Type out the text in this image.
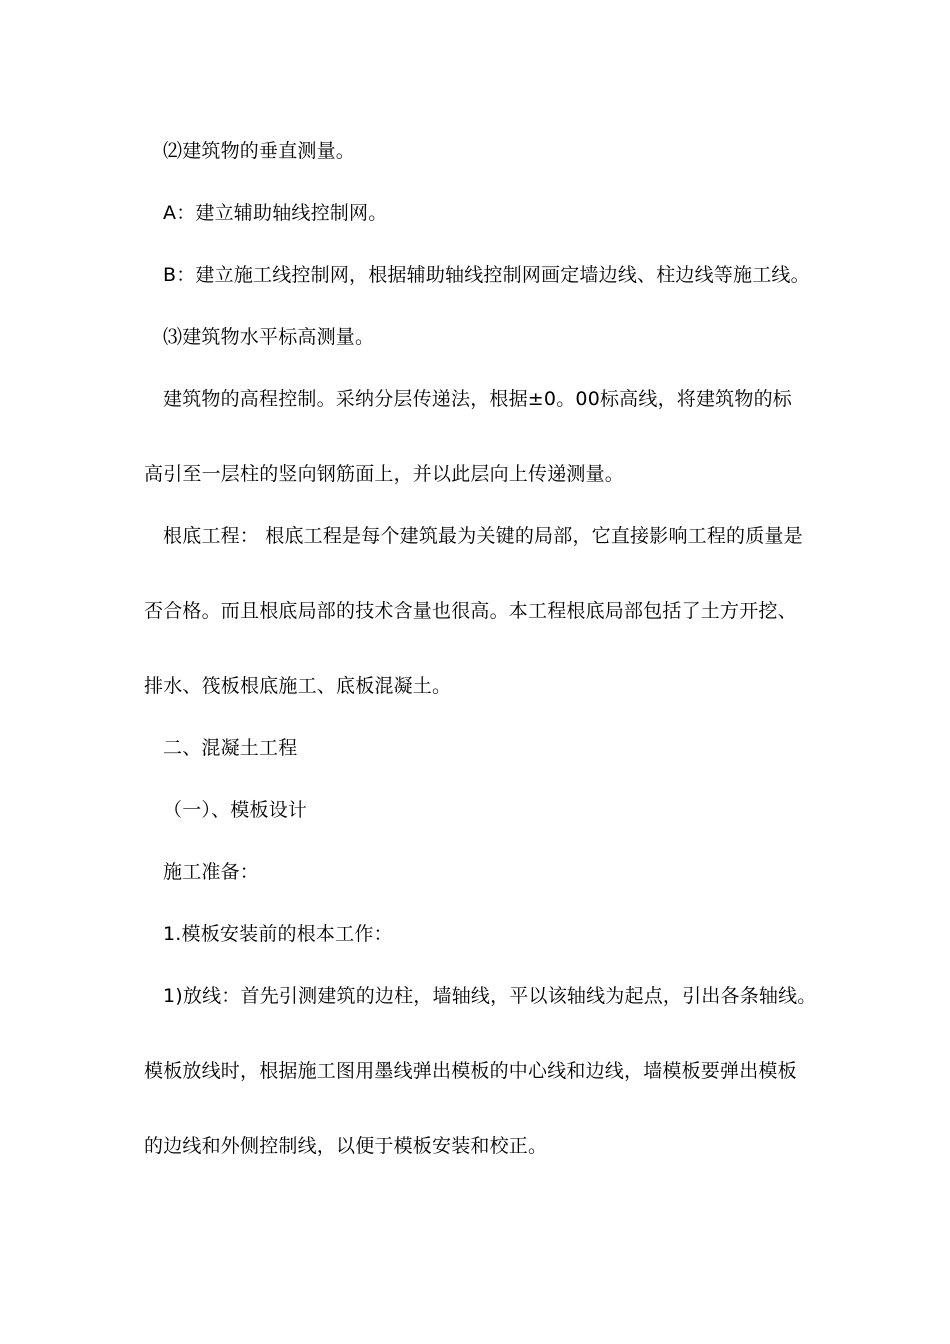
⑵建筑物的垂直测量。
A：建立辅助轴线控制网。
B：建立施工线控制网，根据辅助轴线控制网画定墙边线、柱边线等施工线。
⑶建筑物水平标高测量。
建筑物的高程控制。采纳分层传递法，根据±0。00标高线，将建筑物的标
高引至一层柱的竖向钢筋面上，并以此层向上传递测量。
根底工程： 根底工程是每个建筑最为关键的局部，它直接影响工程的质量是
否合格。而且根底局部的技术含量也很高。本工程根底局部包括了土方开挖、
排水、筏板根底施工、底板混凝土。
二、混凝土工程
（一）、模板设计
施工准备：
1.模板安装前的根本工作：
1)放线：首先引测建筑的边柱，墙轴线，平以该轴线为起点，引出各条轴线。
模板放线时，根据施工图用墨线弹出模板的中心线和边线，墙模板要弹出模板
的边线和外侧控制线，以便于模板安装和校正。
